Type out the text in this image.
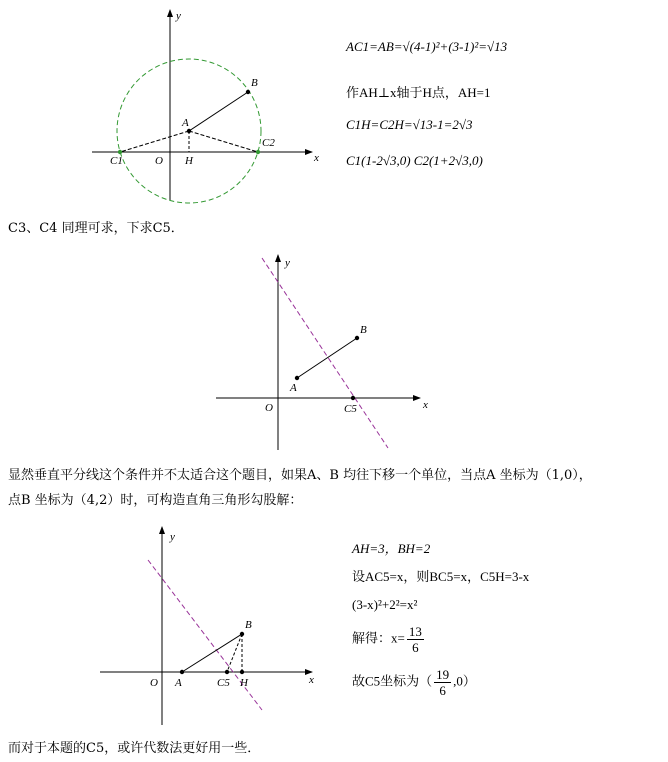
y
x
B
A
C1	O H
C2
y
x
B
A
O	C5
y
x
B
A
O	C5 H
AC1=AB=√(4-1)²+(3-1)²=√13
作AH⊥x轴于H点，AH=1
C1H=C2H=√13-1=2√3
C1(1-2√3,0) C2(1+2√3,0)
C3、C4 同理可求，下求C5．
显然垂直平分线这个条件并不太适合这个题目，如果A、B 均往下移一个单位，当点A 坐标为（1,0），
点B 坐标为（4,2）时，可构造直角三角形勾股解：
AH=3，BH=2
设AC5=x，则BC5=x，C5H=3-x
(3-x)²+2²=x²
解得：$x= \frac{13}{6}$
故C5坐标为（ $\frac{19}{6} ,0$）
而对于本题的C5，或许代数法更好用一些．
